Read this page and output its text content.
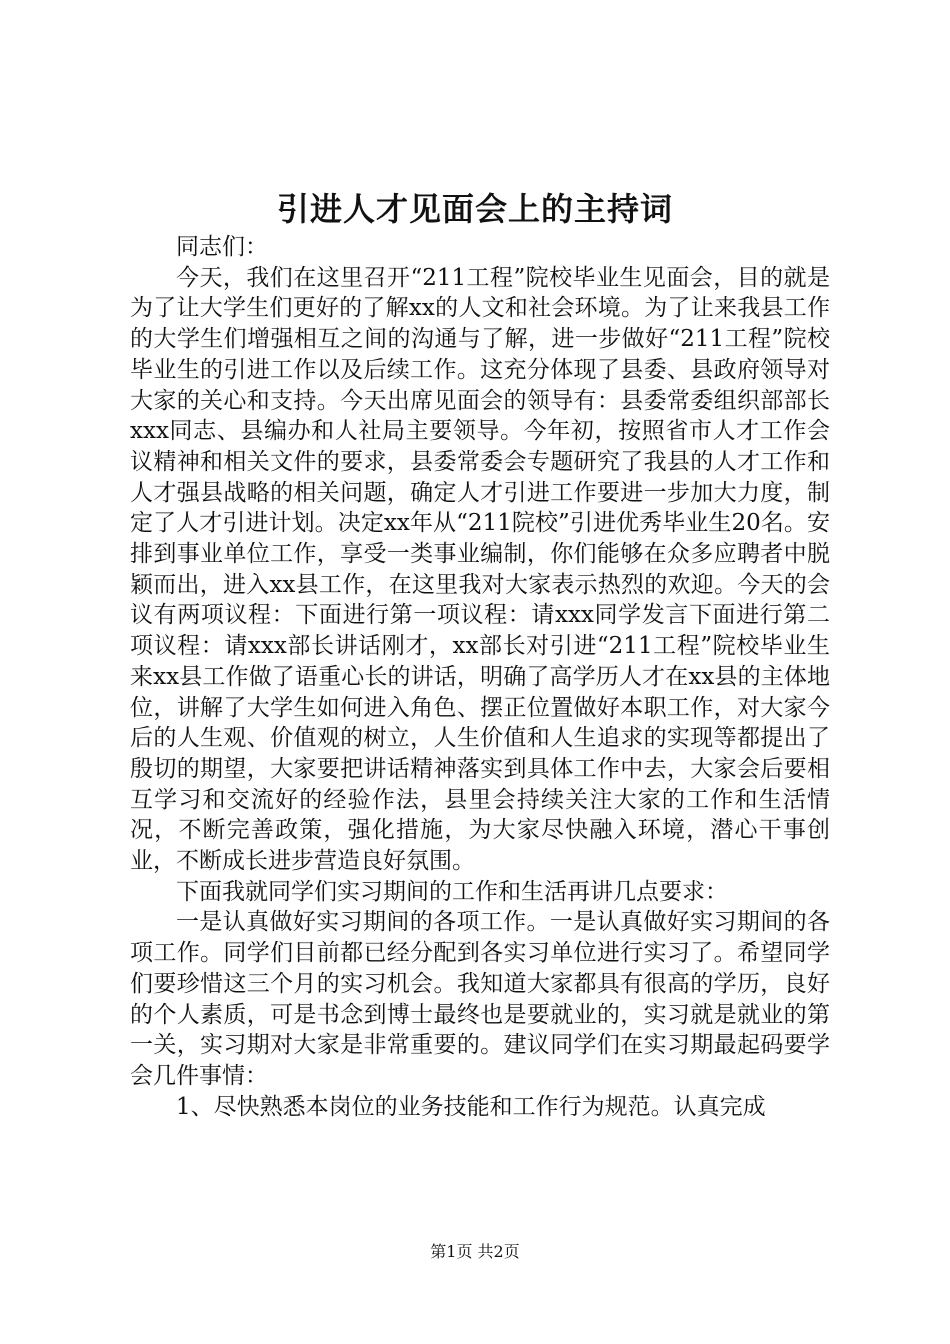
引进人才见面会上的主持词

同志们：

今天，我们在这里召开“211工程”院校毕业生见面会，目的就是为了让大学生们更好的了解xx的人文和社会环境。为了让来我县工作的大学生们增强相互之间的沟通与了解，进一步做好“211工程”院校毕业生的引进工作以及后续工作。这充分体现了县委、县政府领导对大家的关心和支持。今天出席见面会的领导有：县委常委组织部部长xxx同志、县编办和人社局主要领导。今年初，按照省市人才工作会议精神和相关文件的要求，县委常委会专题研究了我县的人才工作和人才强县战略的相关问题，确定人才引进工作要进一步加大力度，制定了人才引进计划。决定xx年从“211院校”引进优秀毕业生20名。安排到事业单位工作，享受一类事业编制，你们能够在众多应聘者中脱颖而出，进入xx县工作，在这里我对大家表示热烈的欢迎。今天的会议有两项议程：下面进行第一项议程：请xxx同学发言下面进行第二项议程：请xxx部长讲话刚才，xx部长对引进“211工程”院校毕业生来xx县工作做了语重心长的讲话，明确了高学历人才在xx县的主体地位，讲解了大学生如何进入角色、摆正位置做好本职工作，对大家今后的人生观、价值观的树立，人生价值和人生追求的实现等都提出了殷切的期望，大家要把讲话精神落实到具体工作中去，大家会后要相互学习和交流好的经验作法，县里会持续关注大家的工作和生活情况，不断完善政策，强化措施，为大家尽快融入环境，潜心干事创业，不断成长进步营造良好氛围。

下面我就同学们实习期间的工作和生活再讲几点要求：

一是认真做好实习期间的各项工作。一是认真做好实习期间的各项工作。同学们目前都已经分配到各实习单位进行实习了。希望同学们要珍惜这三个月的实习机会。我知道大家都具有很高的学历，良好的个人素质，可是书念到博士最终也是要就业的，实习就是就业的第一关，实习期对大家是非常重要的。建议同学们在实习期最起码要学会几件事情：

1、尽快熟悉本岗位的业务技能和工作行为规范。认真完成

第1页 共2页
